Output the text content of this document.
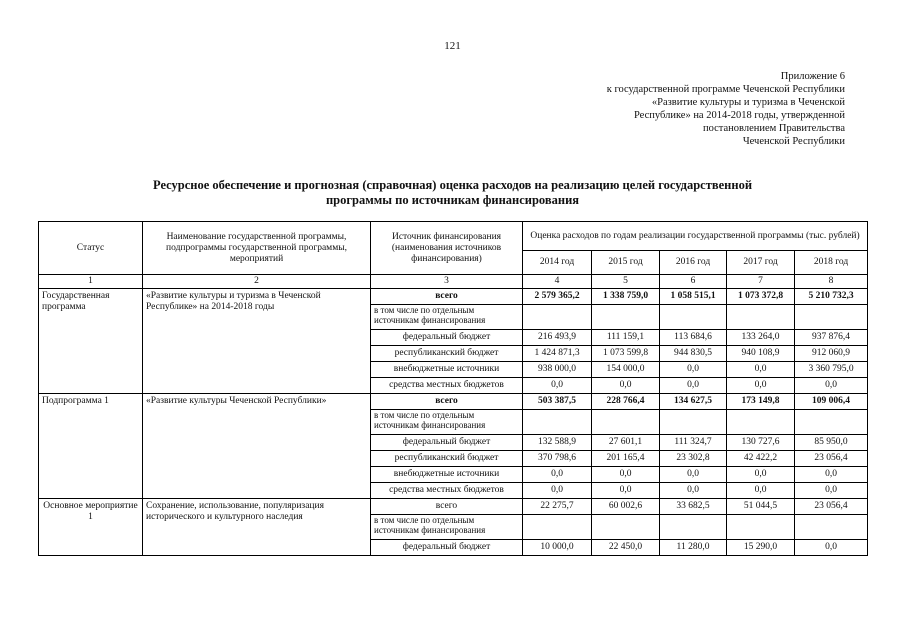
121
Приложение 6
к государственной программе Чеченской Республики
«Развитие культуры и туризма в Чеченской
Республике» на 2014-2018 годы, утвержденной
постановлением Правительства
Чеченской Республики
Ресурсное обеспечение и прогнозная (справочная) оценка расходов на реализацию целей государственной
программы по источникам финансирования
Статус	Наименование государственной программы, подпрограммы государственной программы, мероприятий	Источник финансирования (наименования источников финансирования)	Оценка расходов по годам реализации государственной программы (тыс. рублей)				
			2014 год	2015 год	2016 год	2017 год	2018 год
1	2	3	4	5	6	7	8
Государственная программа	«Развитие культуры и туризма в Чеченской Республике» на 2014-2018 годы	всего	2 579 365,2	1 338 759,0	1 058 515,1	1 073 372,8	5 210 732,3
		в том числе по отдельным источникам финансирования					
		федеральный бюджет	216 493,9	111 159,1	113 684,6	133 264,0	937 876,4
		республиканский бюджет	1 424 871,3	1 073 599,8	944 830,5	940 108,9	912 060,9
		внебюджетные источники	938 000,0	154 000,0	0,0	0,0	3 360 795,0
		средства местных бюджетов	0,0	0,0	0,0	0,0	0,0
Подпрограмма 1	«Развитие культуры Чеченской Республики»	всего	503 387,5	228 766,4	134 627,5	173 149,8	109 006,4
		в том числе по отдельным источникам финансирования					
		федеральный бюджет	132 588,9	27 601,1	111 324,7	130 727,6	85 950,0
		республиканский бюджет	370 798,6	201 165,4	23 302,8	42 422,2	23 056,4
		внебюджетные источники	0,0	0,0	0,0	0,0	0,0
		средства местных бюджетов	0,0	0,0	0,0	0,0	0,0
Основное мероприятие 1	Сохранение, использование, популяризация исторического и культурного наследия	всего	22 275,7	60 002,6	33 682,5	51 044,5	23 056,4
		в том числе по отдельным источникам финансирования					
		федеральный бюджет	10 000,0	22 450,0	11 280,0	15 290,0	0,0
